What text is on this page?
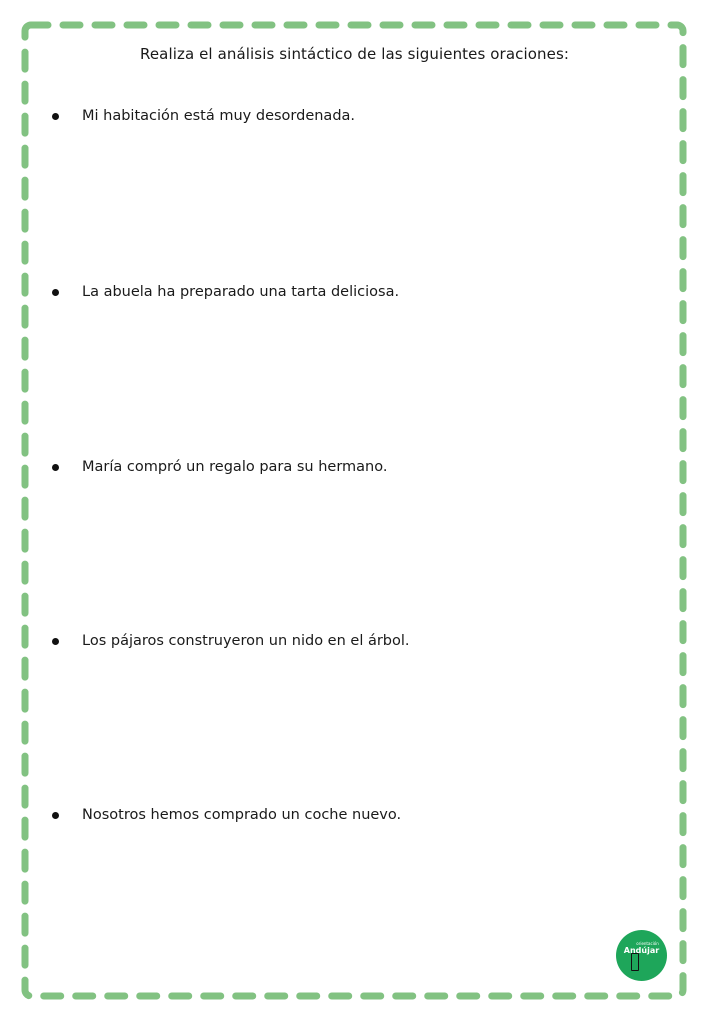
Realiza el análisis sintáctico de las siguientes oraciones:
Mi habitación está muy desordenada.
La abuela ha preparado una tarta deliciosa.
María compró un regalo para su hermano.
Los pájaros construyeron un nido en el árbol.
Nosotros hemos comprado un coche nuevo.
orientación
Andújar
